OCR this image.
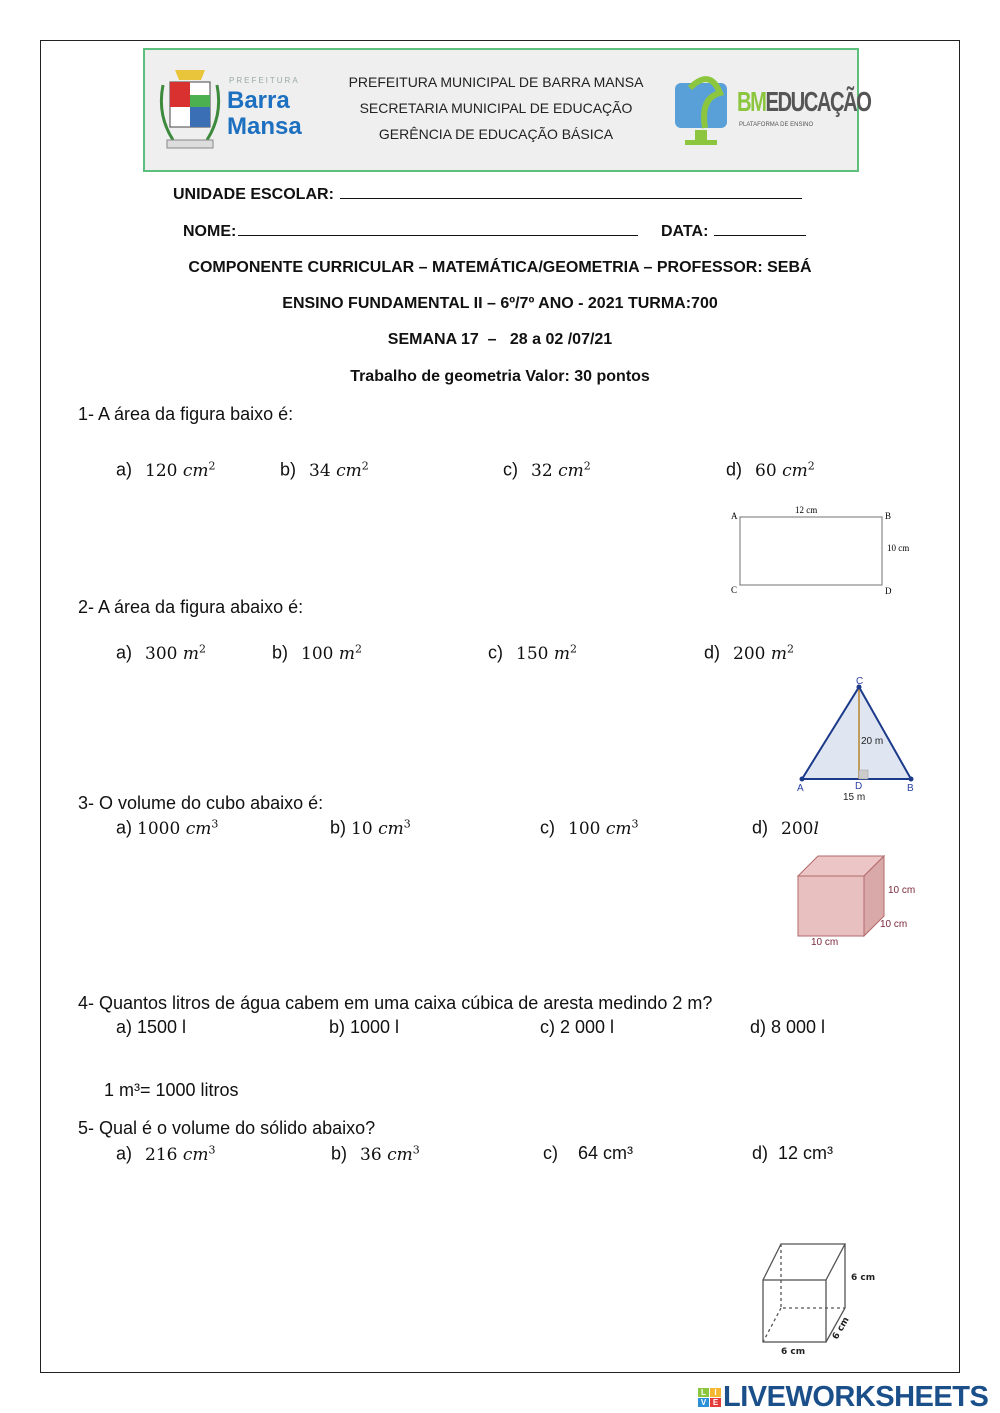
PREFEITURA
Barra
Mansa
PREFEITURA MUNICIPAL DE BARRA MANSA
SECRETARIA MUNICIPAL DE EDUCAÇÃO
GERÊNCIA DE EDUCAÇÃO BÁSICA
BMEDUCAÇÃO
PLATAFORMA DE ENSINO
UNIDADE ESCOLAR:
NOME:	DATA:
COMPONENTE CURRICULAR – MATEMÁTICA/GEOMETRIA – PROFESSOR: SEBÁ
ENSINO FUNDAMENTAL II – 6º/7º ANO - 2021 TURMA:700
SEMANA 17  –   28 a 02 /07/21
Trabalho de geometria Valor: 30 pontos
1- A área da figura baixo é:
2- A área da figura abaixo é:
3- O volume do cubo abaixo é:
4- Quantos litros de água cabem em uma caixa cúbica de aresta medindo 2 m?
1 m³= 1000 litros
5- Qual é o volume do sólido abaixo?
a) 120 $cm^2$	b) 34 $cm^2$	c) 32 $cm^2$	d) 60 $cm^2$
a) 300 $m^2$	b) 100 $m^2$	c) 150 $m^2$	d) 200 $m^2$
a) 1000 $cm^3$	b) 10 $cm^3$	c) 100 $cm^3$	d) 200l
a) 1500 l	b) 1000 l	c) 2 000 l	d) 8 000 l
a) 216 $cm^3$	b) 36 $cm^3$	c)    64 cm³	d)  12 cm³
A	B
C	D
12 cm
10 cm
C
A	B
D
20 m
15 m
10 cm
10 cm
10 cm
6 cm
6 cm
6 cm
L	I
V E LIVEWORKSHEETS
